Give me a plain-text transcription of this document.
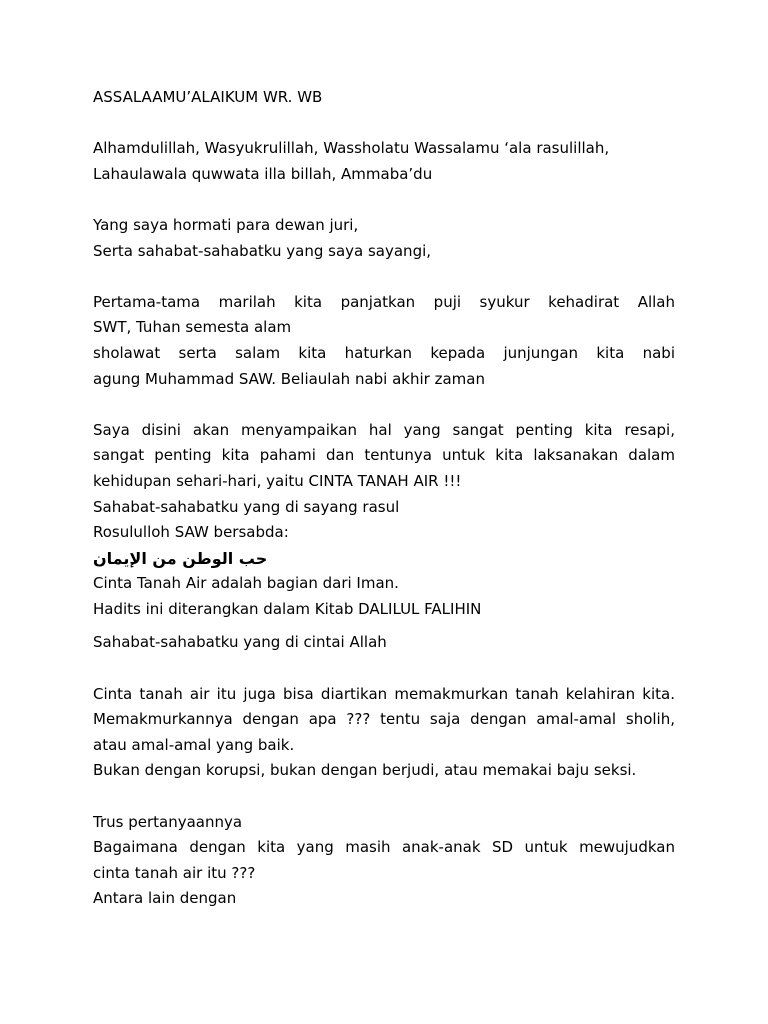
ASSALAAMU’ALAIKUM WR. WB
Alhamdulillah, Wasyukrulillah, Wassholatu Wassalamu ‘ala rasulillah,
Lahaulawala quwwata illa billah, Ammaba’du
Yang saya hormati para dewan juri,
Serta sahabat-sahabatku yang saya sayangi,
Pertama-tama marilah kita panjatkan puji syukur kehadirat Allah
SWT, Tuhan semesta alam
sholawat serta salam kita haturkan kepada junjungan kita nabi
agung Muhammad SAW. Beliaulah nabi akhir zaman
Saya disini akan menyampaikan hal yang sangat penting kita resapi,
sangat penting kita pahami dan tentunya untuk kita laksanakan dalam
kehidupan sehari-hari, yaitu CINTA TANAH AIR !!!
Sahabat-sahabatku yang di sayang rasul
Rosululloh SAW bersabda:
حب الوطن من الإيمان
Cinta Tanah Air adalah bagian dari Iman.
Hadits ini diterangkan dalam Kitab DALILUL FALIHIN
Sahabat-sahabatku yang di cintai Allah
Cinta tanah air itu juga bisa diartikan memakmurkan tanah kelahiran kita.
Memakmurkannya dengan apa ??? tentu saja dengan amal-amal sholih,
atau amal-amal yang baik.
Bukan dengan korupsi, bukan dengan berjudi, atau memakai baju seksi.
Trus pertanyaannya
Bagaimana dengan kita yang masih anak-anak SD untuk mewujudkan
cinta tanah air itu ???
Antara lain dengan
